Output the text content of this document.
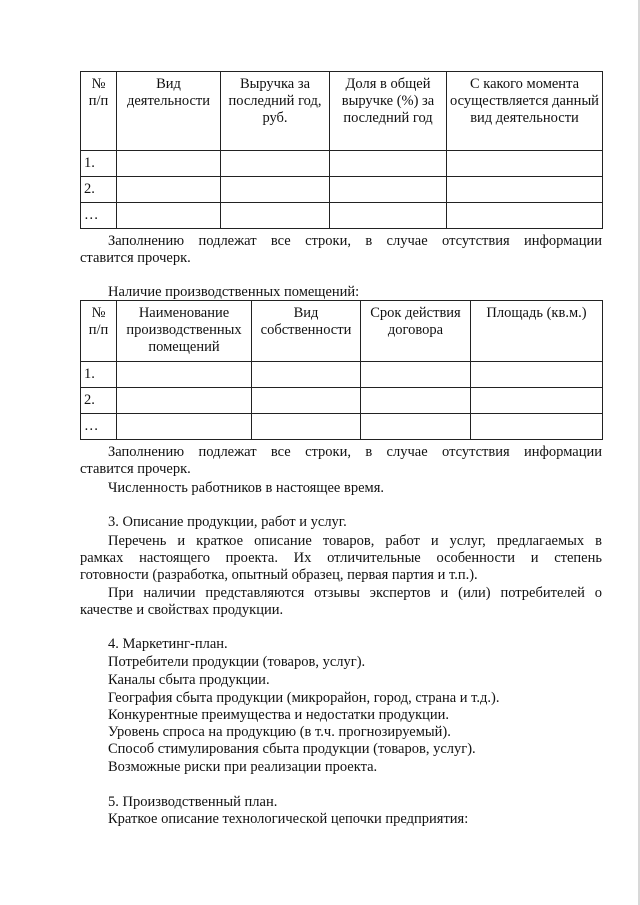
№
п/п	Вид деятельности	Выручка за последний год, руб.	Доля в общей выручке (%) за последний год	С какого момента осуществляется данный вид деятельности
1.				
2.				
…				

Заполнению подлежат все строки, в случае отсутствия информации

ставится прочерк.

Наличие производственных помещений:

№
п/п	Наименование производственных помещений	Вид собственности	Срок действия договора	Площадь (кв.м.)
1.				
2.				
…				

Заполнению подлежат все строки, в случае отсутствия информации

ставится прочерк.

Численность работников в настоящее время.

3. Описание продукции, работ и услуг.

Перечень и краткое описание товаров, работ и услуг, предлагаемых в

рамках настоящего проекта. Их отличительные особенности и степень

готовности (разработка, опытный образец, первая партия и т.п.).

При наличии представляются отзывы экспертов и (или) потребителей о

качестве и свойствах продукции.

4. Маркетинг-план.

Потребители продукции (товаров, услуг).

Каналы сбыта продукции.

География сбыта продукции (микрорайон, город, страна и т.д.).

Конкурентные преимущества и недостатки продукции.

Уровень спроса на продукцию (в т.ч. прогнозируемый).

Способ стимулирования сбыта продукции (товаров, услуг).

Возможные риски при реализации проекта.

5. Производственный план.

Краткое описание технологической цепочки предприятия:
